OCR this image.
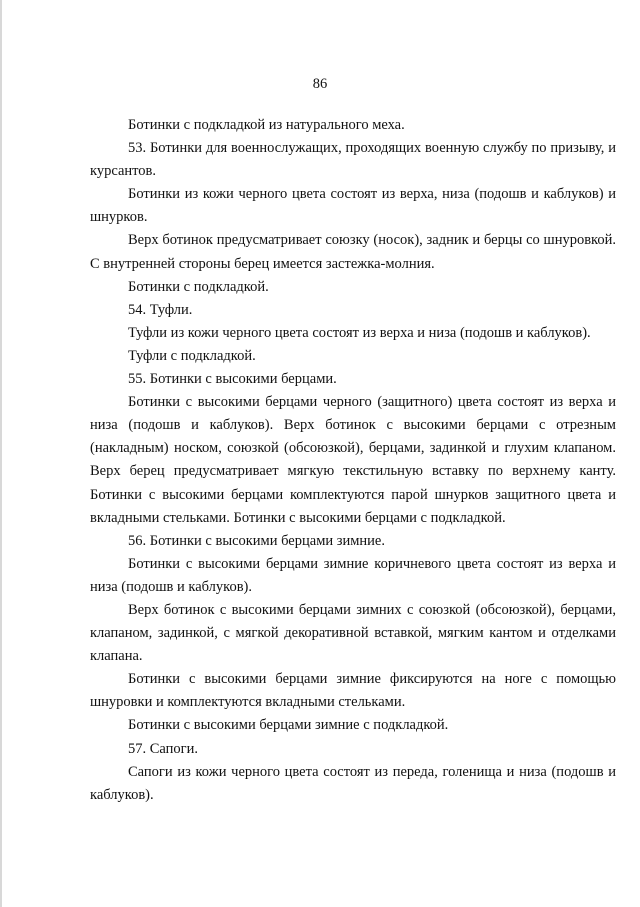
86

Ботинки с подкладкой из натурального меха.

53. Ботинки для военнослужащих, проходящих военную службу по призыву, и курсантов.

Ботинки из кожи черного цвета состоят из верха, низа (подошв и каблуков) и шнурков.

Верх ботинок предусматривает союзку (носок), задник и берцы со шнуровкой. С внутренней стороны берец имеется застежка-молния.

Ботинки с подкладкой.

54. Туфли.

Туфли из кожи черного цвета состоят из верха и низа (подошв и каблуков).

Туфли с подкладкой.

55. Ботинки с высокими берцами.

Ботинки с высокими берцами черного (защитного) цвета состоят из верха и низа (подошв и каблуков). Верх ботинок с высокими берцами с отрезным (накладным) носком, союзкой (обсоюзкой), берцами, задинкой и глухим клапаном. Верх берец предусматривает мягкую текстильную вставку по верхнему канту. Ботинки с высокими берцами комплектуются парой шнурков защитного цвета и вкладными стельками. Ботинки с высокими берцами с подкладкой.

56. Ботинки с высокими берцами зимние.

Ботинки с высокими берцами зимние коричневого цвета состоят из верха и низа (подошв и каблуков).

Верх ботинок с высокими берцами зимних с союзкой (обсоюзкой), берцами, клапаном, задинкой, с мягкой декоративной вставкой, мягким кантом и отделками клапана.

Ботинки с высокими берцами зимние фиксируются на ноге с помощью шнуровки и комплектуются вкладными стельками.

Ботинки с высокими берцами зимние с подкладкой.

57. Сапоги.

Сапоги из кожи черного цвета состоят из переда, голенища и низа (подошв и каблуков).
